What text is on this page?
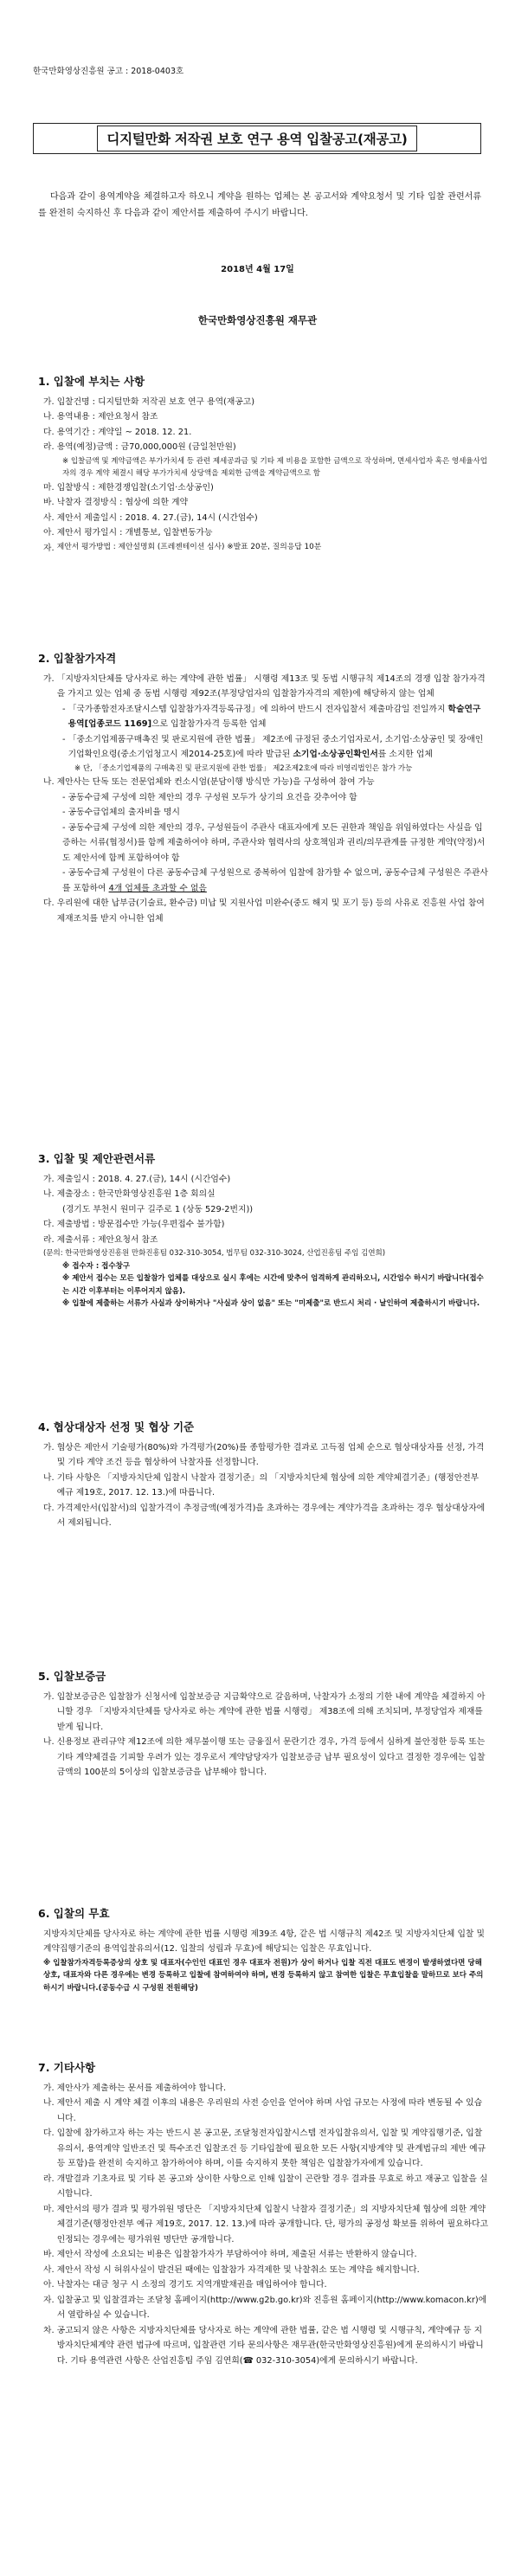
한국만화영상진흥원 공고 : 2018-0403호
디지털만화 저작권 보호 연구 용역 입찰공고(재공고)
다음과 같이 용역계약을 체결하고자 하오니 계약을 원하는 업체는 본 공고서와 계약요청서 및 기타 입찰 관련서류를 완전히 숙지하신 후 다음과 같이 제안서를 제출하여 주시기 바랍니다.
2018년 4월 17일
한국만화영상진흥원 재무관
1. 입찰에 부치는 사항
가. 입찰건명 : 디지털만화 저작권 보호 연구 용역(재공고)
나. 용역내용 : 제안요청서 참조
다. 용역기간 : 계약일 ~ 2018. 12. 21.
라. 용역(예정)금액 : 금70,000,000원 (금일천만원)
※ 입찰금액 및 계약금액은 부가가치세 등 관련 제세공과금 및 기타 제 비용을 포함한 금액으로 작성하며, 면세사업자 혹은 영세율사업자의 경우 계약 체결시 해당 부가가치세 상당액을 제외한 금액을 계약금액으로 함
마. 입찰방식 : 제한경쟁입찰(소기업·소상공인)
바. 낙찰자 결정방식 : 협상에 의한 계약
사. 제안서 제출일시 : 2018. 4. 27.(금), 14시 (시간엄수)
아. 제안서 평가일시 : 개별통보, 입찰변동가능
자. 제안서 평가방법 : 제안설명회 (프레젠테이션 심사) ※발표 20분, 질의응답 10분
2. 입찰참가자격
가. 「지방자치단체를 당사자로 하는 계약에 관한 법률」 시행령 제13조 및 동법 시행규칙 제14조의 경쟁 입찰 참가자격을 가지고 있는 업체 중 동법 시행령 제92조(부정당업자의 입찰참가자격의 제한)에 해당하지 않는 업체
- 「국가종합전자조달시스템 입찰참가자격등록규정」에 의하여 반드시 전자입찰서 제출마감일 전일까지 학술연구용역[업종코드 1169]으로 입찰참가자격 등록한 업체
- 「중소기업제품구매촉진 및 판로지원에 관한 법률」 제2조에 규정된 중소기업자로서, 소기업·소상공인 및 장애인기업확인요령(중소기업청고시 제2014-25호)에 따라 발급된 소기업·소상공인확인서를 소지한 업체
※ 단, 「중소기업제품의 구매촉진 및 판로지원에 관한 법률」 제2조제2호에 따라 비영리법인은 참가 가능
나. 제안사는 단독 또는 전문업체와 컨소시엄(분담이행 방식만 가능)을 구성하여 참여 가능
- 공동수급체 구성에 의한 제안의 경우 구성원 모두가 상기의 요건을 갖추어야 함
- 공동수급업체의 출자비율 명시
- 공동수급체 구성에 의한 제안의 경우, 구성원들이 주관사 대표자에게 모든 권한과 책임을 위임하였다는 사실을 입증하는 서류(협정서)를 함께 제출하여야 하며, 주관사와 협력사의 상호책임과 권리/의무관계를 규정한 계약(약정)서도 제안서에 함께 포함하여야 함
- 공동수급체 구성원이 다른 공동수급체 구성원으로 중복하여 입찰에 참가할 수 없으며, 공동수급체 구성원은 주관사를 포함하여 4개 업체를 초과할 수 없음
다. 우리원에 대한 납부금(기술료, 환수금) 미납 및 지원사업 미완수(중도 해지 및 포기 등) 등의 사유로 진흥원 사업 참여 제재조치를 받지 아니한 업체
3. 입찰 및 제안관련서류
가. 제출일시 : 2018. 4. 27.(금), 14시 (시간엄수)
나. 제출장소 : 한국만화영상진흥원 1층 회의실
(경기도 부천시 원미구 길주로 1 (상동 529-2번지))
다. 제출방법 : 방문접수만 가능(우편접수 불가함)
라. 제출서류 : 제안요청서 참조
(문의: 한국만화영상진흥원 만화진흥팀 032-310-3054, 법무팀 032-310-3024, 산업진흥팀 주임 김연희)
※ 접수자 : 접수창구
※ 제안서 접수는 모든 입찰참가 업체를 대상으로 실시 후에는 시간에 맞추어 엄격하게 관리하오니, 시간엄수 하시기 바랍니다(접수는 시간 이후부터는 이루어지지 않음).
※ 입찰에 제출하는 서류가 사실과 상이하거나 "사실과 상이 없음" 또는 "미제출"로 반드시 처리 · 날인하여 제출하시기 바랍니다.
4. 협상대상자 선정 및 협상 기준
가. 협상은 제안서 기술평가(80%)와 가격평가(20%)를 종합평가한 결과로 고득점 업체 순으로 협상대상자를 선정, 가격 및 기타 계약 조건 등을 협상하여 낙찰자를 선정합니다.
나. 기타 사항은 「지방자치단체 입찰시 낙찰자 결정기준」의 「지방자치단체 협상에 의한 계약체결기준」(행정안전부 예규 제19호, 2017. 12. 13.)에 따릅니다.
다. 가격제안서(입찰서)의 입찰가격이 추정금액(예정가격)을 초과하는 경우에는 계약가격을 초과하는 경우 협상대상자에서 제외됩니다.
5. 입찰보증금
가. 입찰보증금은 입찰참가 신청서에 입찰보증금 지급확약으로 갈음하며, 낙찰자가 소정의 기한 내에 계약을 체결하지 아니할 경우 「지방자치단체를 당사자로 하는 계약에 관한 법률 시행령」 제38조에 의해 조치되며, 부정당업자 제재를 받게 됩니다.
나. 신용정보 관리규약 제12조에 의한 채무불이행 또는 금융질서 문란기간 경우, 가격 등에서 심하게 불안정한 등록 또는 기타 계약체결을 기피할 우려가 있는 경우로서 계약담당자가 입찰보증금 납부 필요성이 있다고 결정한 경우에는 입찰금액의 100분의 5이상의 입찰보증금을 납부해야 합니다.
6. 입찰의 무효
지방자치단체를 당사자로 하는 계약에 관한 법률 시행령 제39조 4항, 같은 법 시행규칙 제42조 및 지방자치단체 입찰 및 계약집행기준의 용역입찰유의서(12. 입찰의 성립과 무효)에 해당되는 입찰은 무효입니다.
※ 입찰참가자격등록증상의 상호 및 대표자(수인인 대표인 경우 대표자 전원)가 상이 하거나 입찰 직전 대표도 변경이 발생하였다면 당해 상호, 대표자와 다른 경우에는 변경 등록하고 입찰에 참여하여야 하며, 변경 등록하지 않고 참여한 입찰은 무효입찰을 말하므로 보다 주의하시기 바랍니다.(공동수급 시 구성원 전원해당)
7. 기타사항
가. 제안사가 제출하는 문서를 제출하여야 합니다.
나. 제안서 제출 시 계약 체결 이후의 내용은 우리원의 사전 승인을 얻어야 하며 사업 규모는 사정에 따라 변동될 수 있습니다.
다. 입찰에 참가하고자 하는 자는 반드시 본 공고문, 조달청전자입찰시스템 전자입찰유의서, 입찰 및 계약집행기준, 입찰유의서, 용역계약 일반조건 및 특수조건 입찰조건 등 기타입찰에 필요한 모든 사항(지방계약 및 관계법규의 제반 예규 등 포함)을 완전히 숙지하고 참가하여야 하며, 이를 숙지하지 못한 책임은 입찰참가자에게 있습니다.
라. 개발결과 기초자료 및 기타 본 공고와 상이한 사항으로 인해 입찰이 곤란할 경우 결과를 무효로 하고 재공고 입찰을 실시합니다.
마. 제안서의 평가 결과 및 평가위원 명단은 「지방자치단체 입찰시 낙찰자 결정기준」의 지방자치단체 협상에 의한 계약체결기준(행정안전부 예규 제19호, 2017. 12. 13.)에 따라 공개합니다. 단, 평가의 공정성 확보를 위하여 필요하다고 인정되는 경우에는 평가위원 명단만 공개합니다.
바. 제안서 작성에 소요되는 비용은 입찰참가자가 부담하여야 하며, 제출된 서류는 반환하지 않습니다.
사. 제안서 작성 시 허위사실이 발견된 때에는 입찰참가 자격제한 및 낙찰취소 또는 계약을 해지합니다.
아. 낙찰자는 대금 청구 시 소정의 경기도 지역개발채권을 매입하여야 합니다.
자. 입찰공고 및 입찰결과는 조달청 홈페이지(http://www.g2b.go.kr)와 진흥원 홈페이지(http://www.komacon.kr)에서 열람하실 수 있습니다.
차. 공고되지 않은 사항은 지방자치단체를 당사자로 하는 계약에 관한 법률, 같은 법 시행령 및 시행규칙, 계약예규 등 지방자치단체계약 관련 법규에 따르며, 입찰관련 기타 문의사항은 재무관(한국만화영상진흥원)에게 문의하시기 바랍니다. 기타 용역관련 사항은 산업진흥팀 주임 김연희(☎ 032-310-3054)에게 문의하시기 바랍니다.
